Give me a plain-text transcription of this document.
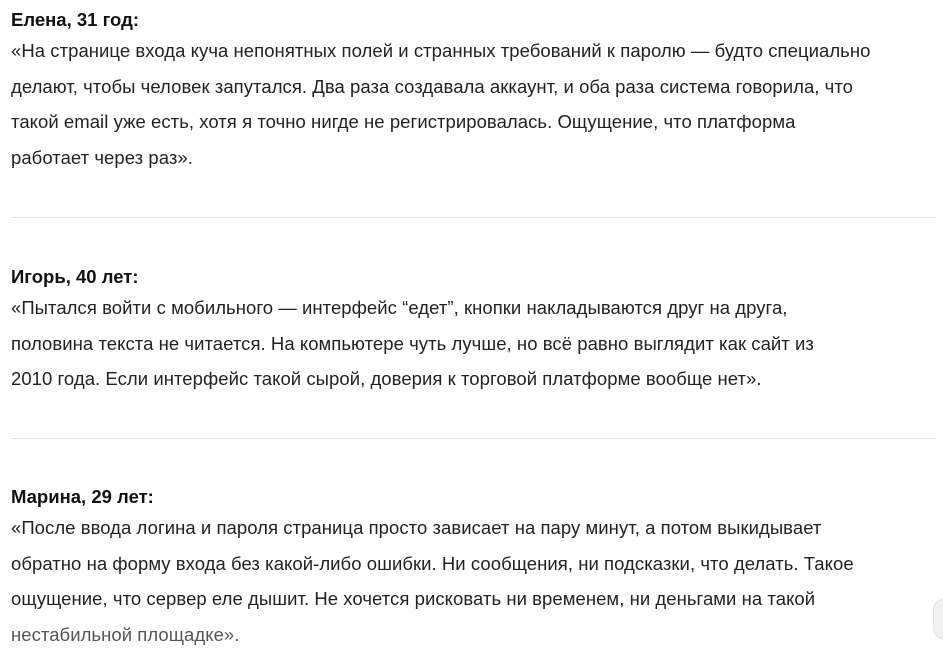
Елена, 31 год:
«На странице входа куча непонятных полей и странных требований к паролю — будто специально
делают, чтобы человек запутался. Два раза создавала аккаунт, и оба раза система говорила, что
такой email уже есть, хотя я точно нигде не регистрировалась. Ощущение, что платформа
работает через раз».
Игорь, 40 лет:
«Пытался войти с мобильного — интерфейс “едет”, кнопки накладываются друг на друга,
половина текста не читается. На компьютере чуть лучше, но всё равно выглядит как сайт из
2010 года. Если интерфейс такой сырой, доверия к торговой платформе вообще нет».
Марина, 29 лет:
«После ввода логина и пароля страница просто зависает на пару минут, а потом выкидывает
обратно на форму входа без какой-либо ошибки. Ни сообщения, ни подсказки, что делать. Такое
ощущение, что сервер еле дышит. Не хочется рисковать ни временем, ни деньгами на такой
нестабильной площадке».
